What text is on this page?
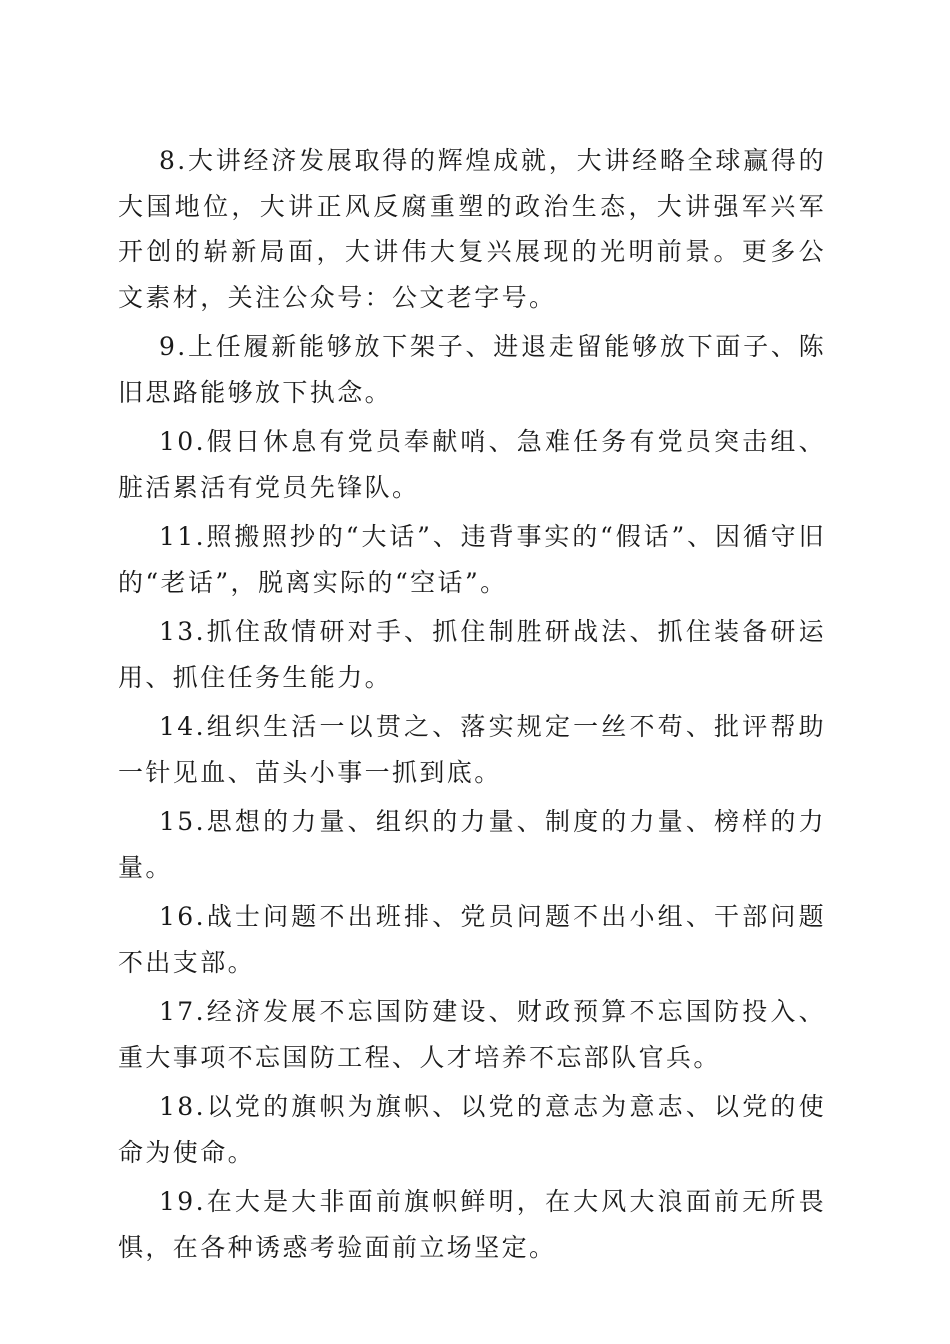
8.大讲经济发展取得的辉煌成就，大讲经略全球赢得的大国地位，大讲正风反腐重塑的政治生态，大讲强军兴军开创的崭新局面，大讲伟大复兴展现的光明前景。更多公文素材，关注公众号：公文老字号。

9.上任履新能够放下架子、进退走留能够放下面子、陈旧思路能够放下执念。

10.假日休息有党员奉献哨、急难任务有党员突击组、脏活累活有党员先锋队。

11.照搬照抄的“大话”、违背事实的“假话”、因循守旧的“老话”，脱离实际的“空话”。

13.抓住敌情研对手、抓住制胜研战法、抓住装备研运用、抓住任务生能力。

14.组织生活一以贯之、落实规定一丝不苟、批评帮助一针见血、苗头小事一抓到底。

15.思想的力量、组织的力量、制度的力量、榜样的力量。

16.战士问题不出班排、党员问题不出小组、干部问题不出支部。

17.经济发展不忘国防建设、财政预算不忘国防投入、重大事项不忘国防工程、人才培养不忘部队官兵。

18.以党的旗帜为旗帜、以党的意志为意志、以党的使命为使命。

19.在大是大非面前旗帜鲜明，在大风大浪面前无所畏惧，在各种诱惑考验面前立场坚定。
